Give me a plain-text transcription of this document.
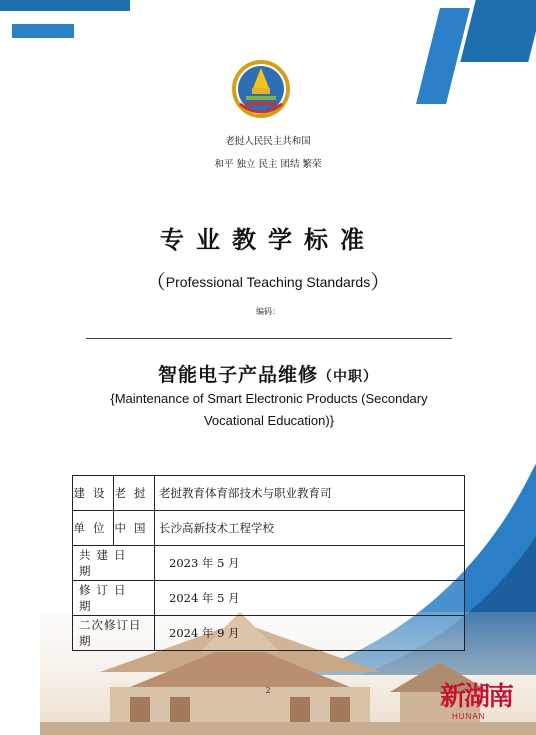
老挝人民民主共和国
和平 独立 民主 团结 繁荣
专业教学标准
（Professional Teaching Standards）
编码：
智能电子产品维修（中职）
{Maintenance of Smart Electronic Products (Secondary Vocational Education)}
建设	老挝	老挝教育体育部技术与职业教育司
单位	中国	长沙高新技术工程学校
共建日期		2023 年 5 月
修订日期		2024 年 5 月
二次修订日期		2024 年 9 月
2	新湖南
HUNAN
